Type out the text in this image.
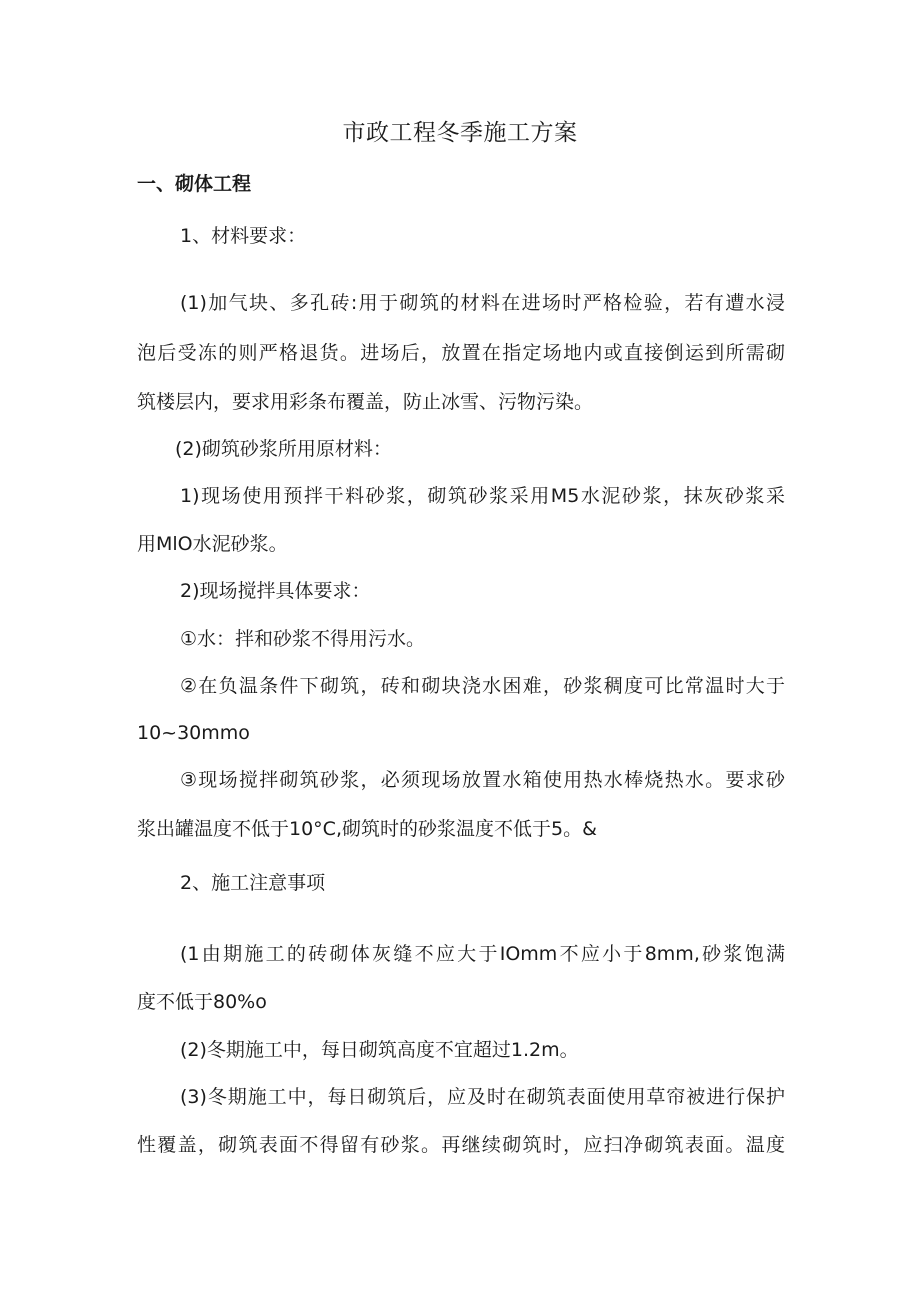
市政工程冬季施工方案
一、砌体工程
1、材料要求：
(1)加气块、多孔砖:用于砌筑的材料在进场时严格检验，若有遭水浸
泡后受冻的则严格退货。进场后，放置在指定场地内或直接倒运到所需砌
筑楼层内，要求用彩条布覆盖，防止冰雪、污物污染。
(2)砌筑砂浆所用原材料：
1)现场使用预拌干料砂浆，砌筑砂浆采用M5水泥砂浆，抹灰砂浆采
用MlO水泥砂浆。
2)现场搅拌具体要求：
①水：拌和砂浆不得用污水。
②在负温条件下砌筑，砖和砌块浇水困难，砂浆稠度可比常温时大于
10~30mmo
③现场搅拌砌筑砂浆，必须现场放置水箱使用热水棒烧热水。要求砂
浆出罐温度不低于10°C,砌筑时的砂浆温度不低于5。&
2、施工注意事项
(1由期施工的砖砌体灰缝不应大于IOmm不应小于8mm,砂浆饱满
度不低于80%o
(2)冬期施工中，每日砌筑高度不宜超过1.2m。
(3)冬期施工中，每日砌筑后，应及时在砌筑表面使用草帘被进行保护
性覆盖，砌筑表面不得留有砂浆。再继续砌筑时，应扫净砌筑表面。温度
